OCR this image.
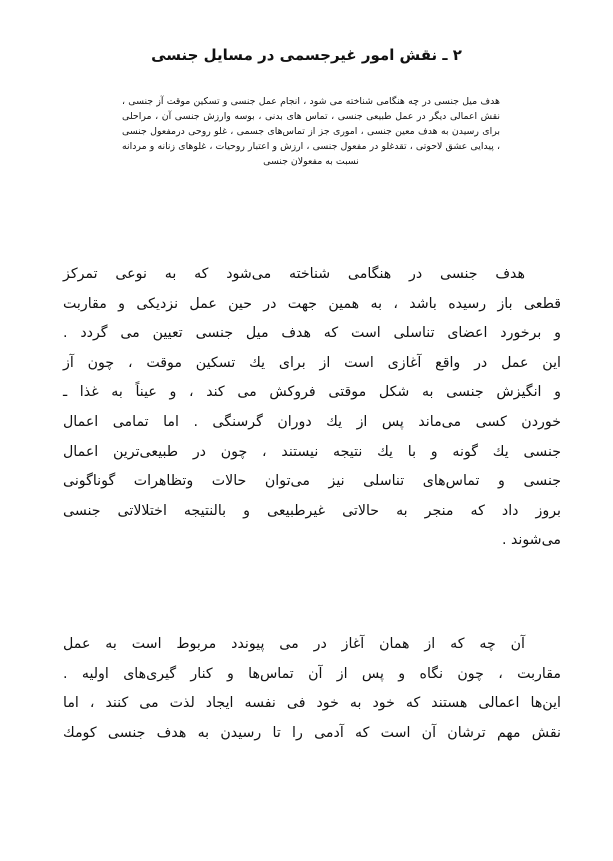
۲ ـ نقش امور غیرجسمی در مسایل جنسی

هدف میل جنسی در چه هنگامی شناخته می شود ، انجام عمل جنسی و تسکین موقت آز جنسی ، نقش اعمالی دیگر در عمل طبیعی جنسی ، تماس های بدنی ، بوسه وارزش جنسی آن ، مراحلی برای رسیدن به هدف معین جنسی ، اموری جز از تماس‌های جسمی ، غلو روحی درمفعول جنسی ، پیدایی عشق لاحوتی ، تقدغلو در مفعول جنسی ، ارزش و اعتبار روحیات ، غلوهای زنانه و مردانه نسبت به مفعولان جنسی

هدف جنسی در هنگامی شناخته می‌شود که به نوعی تمرکز
قطعی باز رسیده باشد ، به همین جهت در حین عمل نزدیکی و مقاربت
و برخورد اعضای تناسلی است که هدف میل جنسی تعیین می گردد .
این عمل در واقع آغازی است از برای یك تسکین موقت ، چون آز
و انگیزش جنسی به شکل موقتی فروکش می کند ، و عیناً به غذا ـ
خوردن کسی می‌ماند پس از یك دوران گرسنگی . اما تمامی اعمال
جنسی یك گونه و با یك نتیجه نیستند ، چون در طبیعی‌ترین اعمال
جنسی و تماس‌های تناسلی نیز می‌توان حالات وتظاهرات گوناگونی
بروز داد که منجر به حالاتی غیرطبیعی و بالنتیجه اختلالاتی جنسی
می‌شوند .
آن چه که از همان آغاز در می پیوندد مربوط است به عمل
مقاربت ، چون نگاه و پس از آن تماس‌ها و کنار گیری‌های اولیه .
این‌ها اعمالی هستند که خود به خود فی نفسه ایجاد لذت می کنند ، اما
نقش مهم ترشان آن است که آدمی را تا رسیدن به هدف جنسی کومك
